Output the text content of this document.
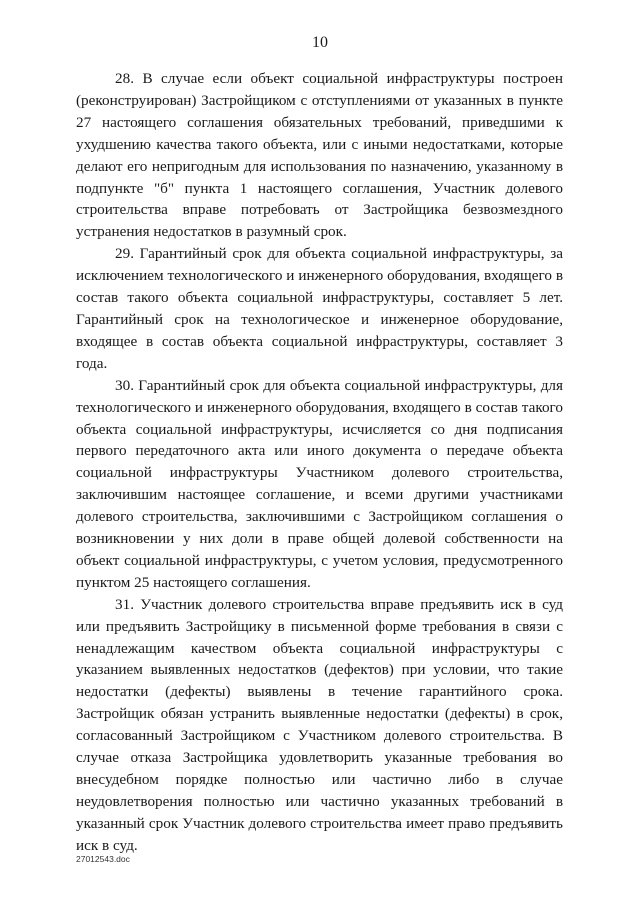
10

28. В случае если объект социальной инфраструктуры построен (реконструирован) Застройщиком с отступлениями от указанных в пункте 27 настоящего соглашения обязательных требований, приведшими к ухудшению качества такого объекта, или с иными недостатками, которые делают его непригодным для использования по назначению, указанному в подпункте "б" пункта 1 настоящего соглашения, Участник долевого строительства вправе потребовать от Застройщика безвозмездного устранения недостатков в разумный срок.

29. Гарантийный срок для объекта социальной инфраструктуры, за исключением технологического и инженерного оборудования, входящего в состав такого объекта социальной инфраструктуры, составляет 5 лет. Гарантийный срок на технологическое и инженерное оборудование, входящее в состав объекта социальной инфраструктуры, составляет 3 года.

30. Гарантийный срок для объекта социальной инфраструктуры, для технологического и инженерного оборудования, входящего в состав такого объекта социальной инфраструктуры, исчисляется со дня подписания первого передаточного акта или иного документа о передаче объекта социальной инфраструктуры Участником долевого строительства, заключившим настоящее соглашение, и всеми другими участниками долевого строительства, заключившими с Застройщиком соглашения о возникновении у них доли в праве общей долевой собственности на объект социальной инфраструктуры, с учетом условия, предусмотренного пунктом 25 настоящего соглашения.

31. Участник долевого строительства вправе предъявить иск в суд или предъявить Застройщику в письменной форме требования в связи с ненадлежащим качеством объекта социальной инфраструктуры с указанием выявленных недостатков (дефектов) при условии, что такие недостатки (дефекты) выявлены в течение гарантийного срока. Застройщик обязан устранить выявленные недостатки (дефекты) в срок, согласованный Застройщиком с Участником долевого строительства. В случае отказа Застройщика удовлетворить указанные требования во внесудебном порядке полностью или частично либо в случае неудовлетворения полностью или частично указанных требований в указанный срок Участник долевого строительства имеет право предъявить иск в суд.

27012543.doc
